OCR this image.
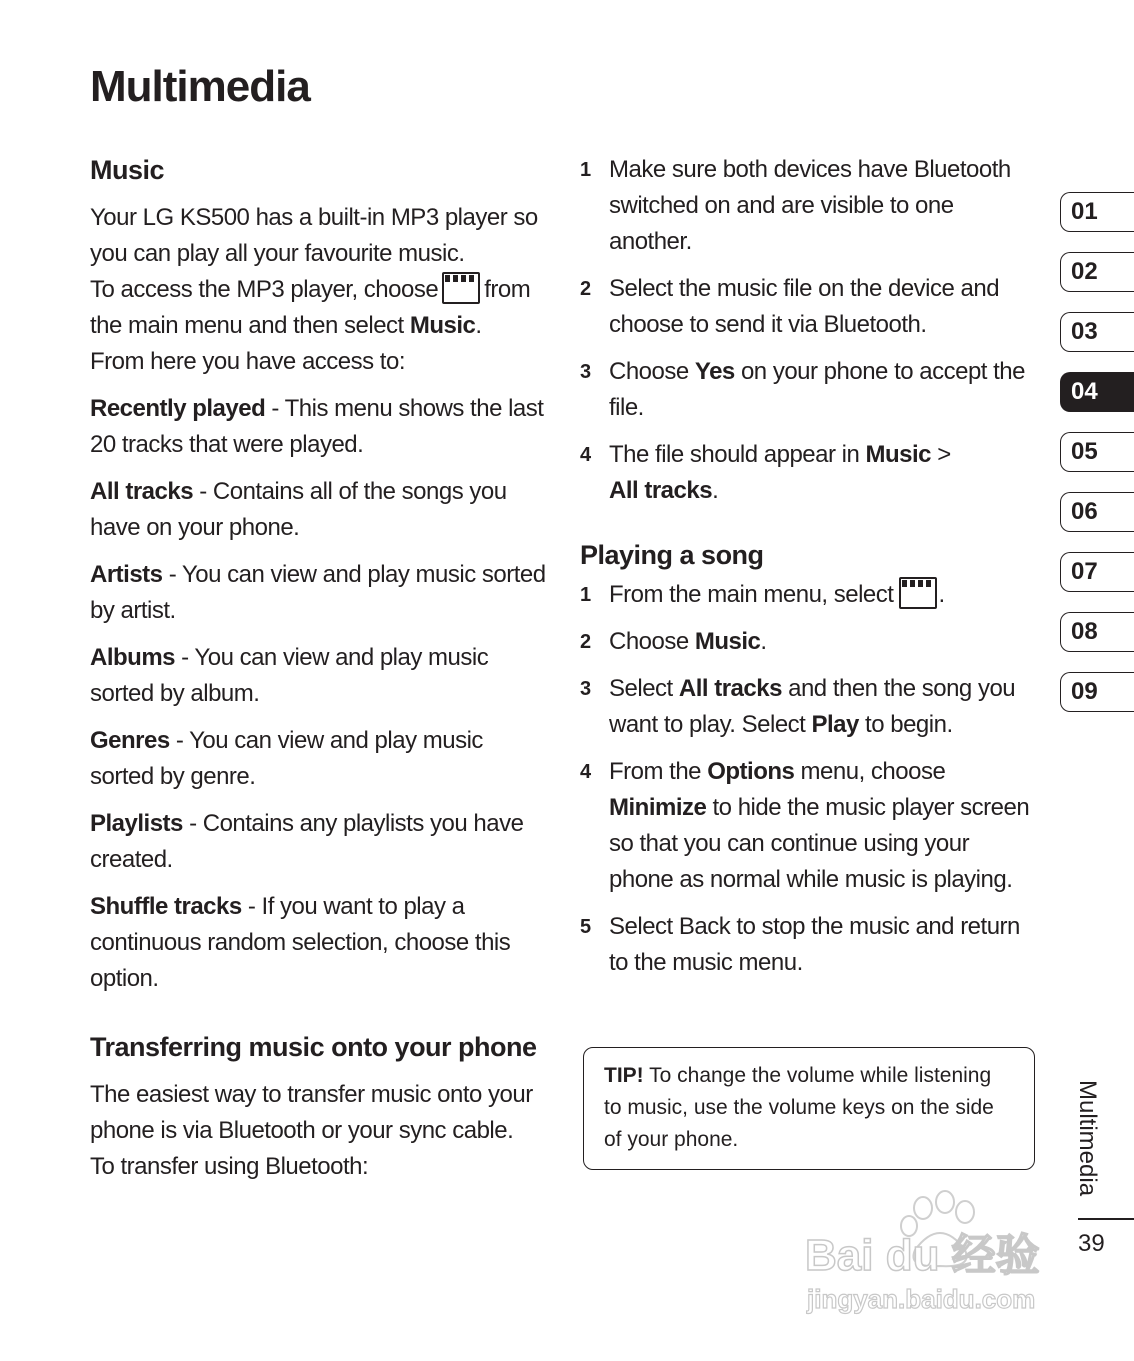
Multimedia
Music

Your LG KS500 has a built-in MP3 player so you can play all your favourite music.

To access the MP3 player, choose from the main menu and then select Music.

From here you have access to:

Recently played - This menu shows the last 20 tracks that were played.

All tracks - Contains all of the songs you have on your phone.

Artists - You can view and play music sorted by artist.

Albums - You can view and play music sorted by album.

Genres - You can view and play music sorted by genre.

Playlists - Contains any playlists you have created.

Shuffle tracks - If you want to play a continuous random selection, choose this option.

Transferring music onto your phone

The easiest way to transfer music onto your phone is via Bluetooth or your sync cable.

To transfer using Bluetooth:

1 Make sure both devices have Bluetooth switched on and are visible to one another.

2 Select the music file on the device and choose to send it via Bluetooth.

3 Choose Yes on your phone to accept the file.

4 The file should appear in Music >
All tracks.

Playing a song
1 From the main menu, select .

2 Choose Music.

3 Select All tracks and then the song you want to play. Select Play to begin.

4 From the Options menu, choose
Minimize to hide the music player screen so that you can continue using your phone as normal while music is playing.

5 Select Back to stop the music and return to the music menu.

TIP! To change the volume while listening to music, use the volume keys on the side of your phone.

01
02
03
04
05
06
07
08
09
Multimedia
39
Bai du 经验
jingyan.baidu.com
